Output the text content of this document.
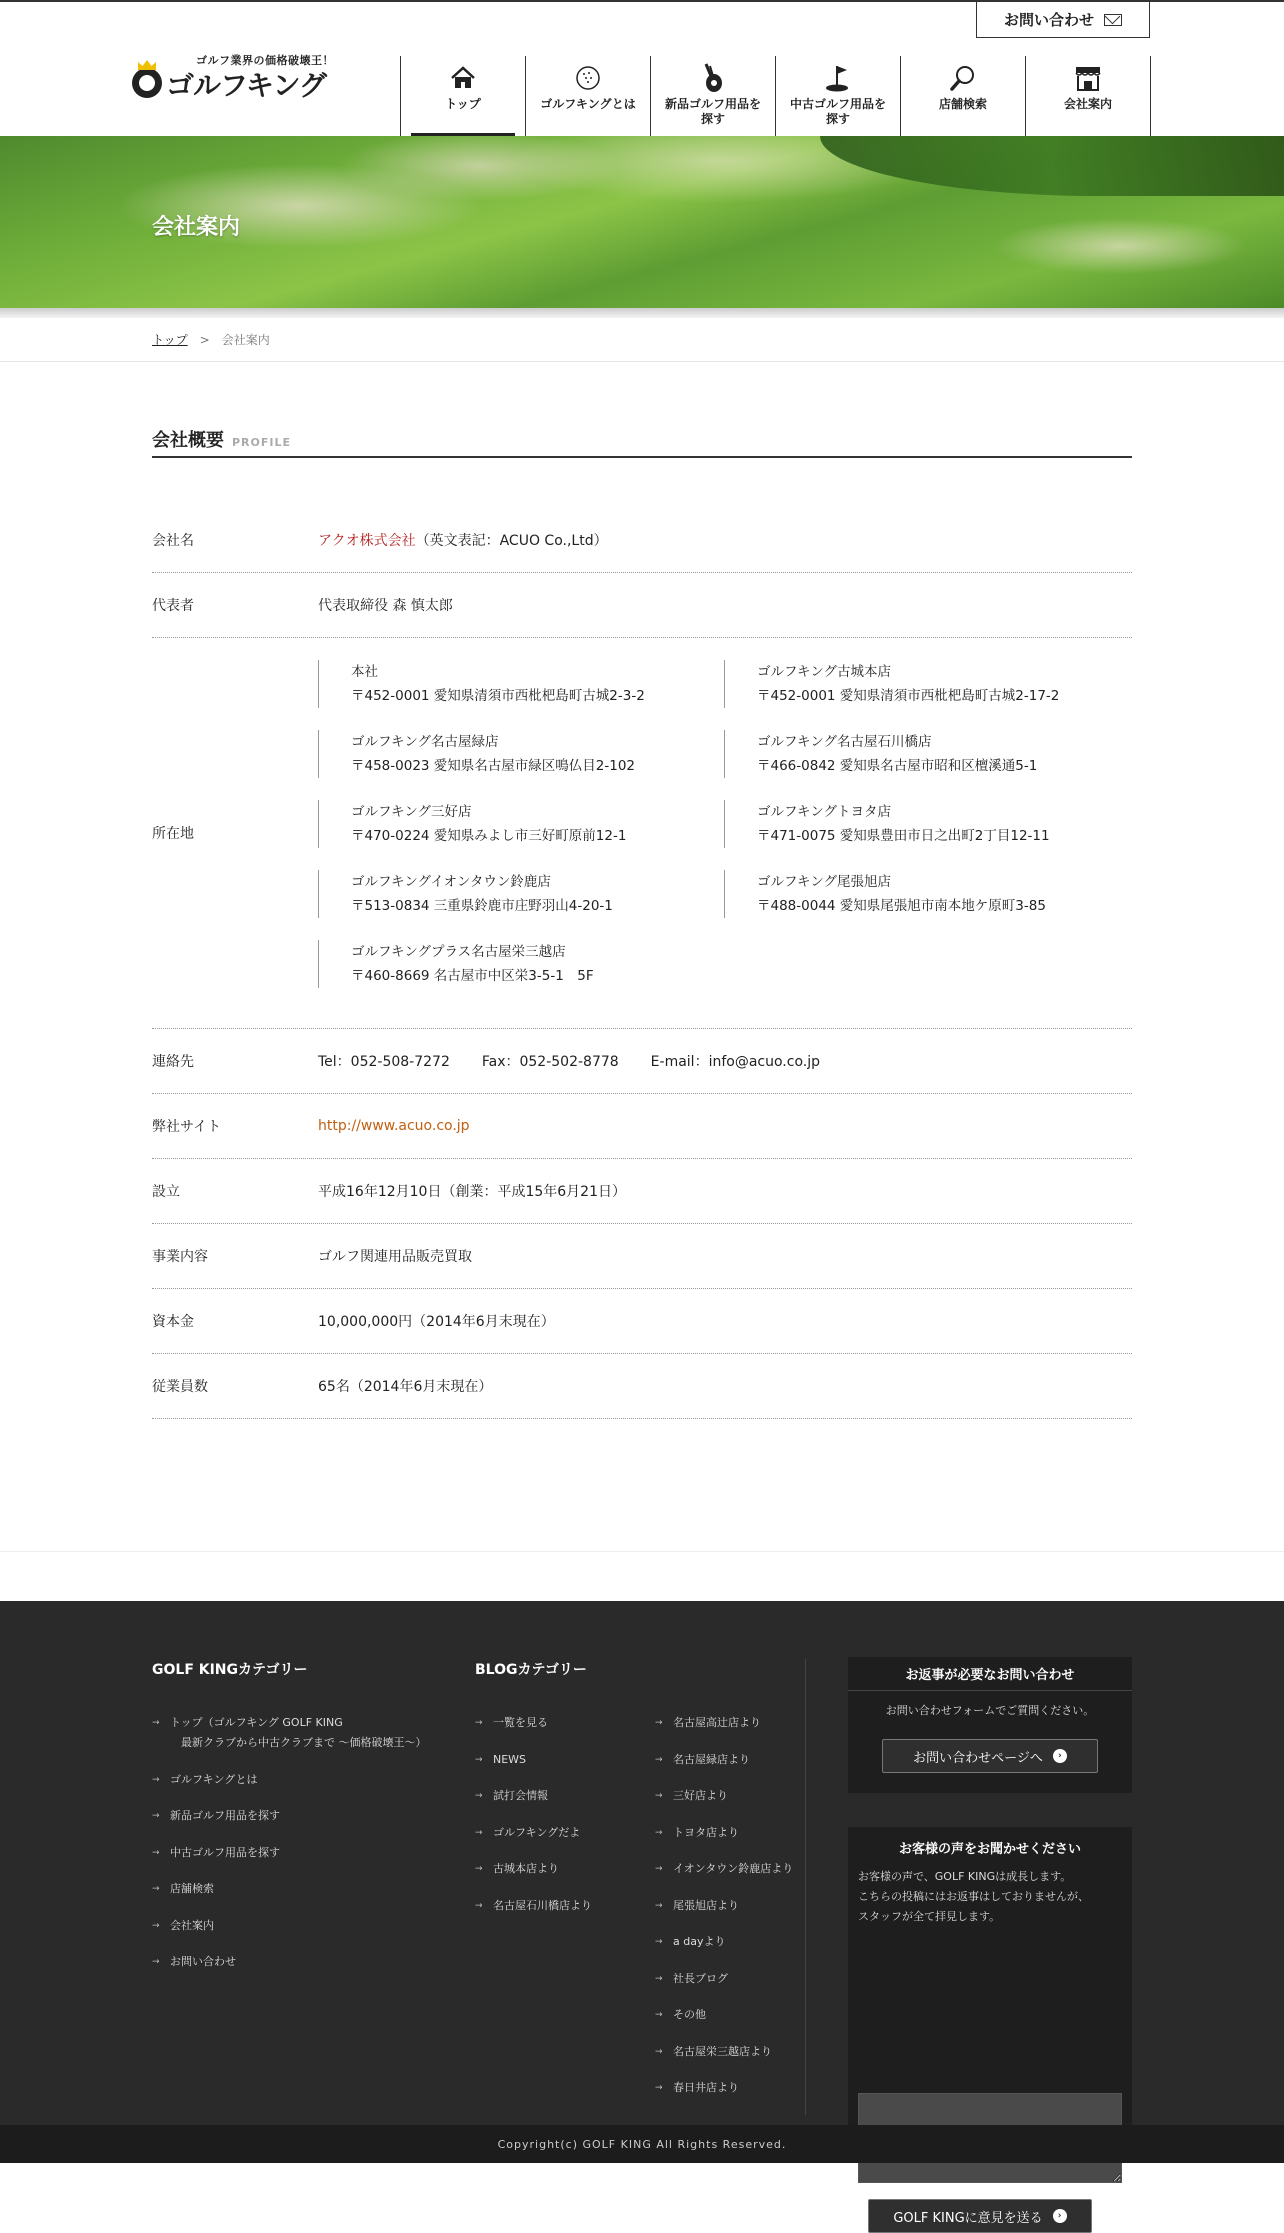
お問い合わせ
ゴルフ業界の価格破壊王！
ゴルフキング
トップ	ゴルフキングとは 新品ゴルフ用品を
探す
中古ゴルフ用品を
探す
店舗検索	会社案内
会社案内
トップ > 会社案内
会社概要 PROFILE
会社名	アクオ株式会社（英文表記：ACUO Co.,Ltd）
代表者	代表取締役 森 慎太郎
所在地
本社
〒452-0001 愛知県清須市西枇杷島町古城2-3-2
ゴルフキング古城本店
〒452-0001 愛知県清須市西枇杷島町古城2-17-2
ゴルフキング名古屋緑店
〒458-0023 愛知県名古屋市緑区鳴仏目2-102
ゴルフキング名古屋石川橋店
〒466-0842 愛知県名古屋市昭和区檀溪通5-1
ゴルフキング三好店
〒470-0224 愛知県みよし市三好町原前12-1
ゴルフキングトヨタ店
〒471-0075 愛知県豊田市日之出町2丁目12-11
ゴルフキングイオンタウン鈴鹿店
〒513-0834 三重県鈴鹿市庄野羽山4-20-1
ゴルフキング尾張旭店
〒488-0044 愛知県尾張旭市南本地ケ原町3-85
ゴルフキングプラス名古屋栄三越店
〒460-8669 名古屋市中区栄3-5-1　5F
連絡先	Tel：052-508-7272 Fax：052-502-8778 E‐mail：info@acuo.co.jp
弊社サイト	http://www.acuo.co.jp
設立	平成16年12月10日（創業：平成15年6月21日）
事業内容	ゴルフ関連用品販売買取
資本金	10,000,000円（2014年6月末現在）
従業員数	65名（2014年6月末現在）
GOLF KINGカテゴリー
→ トップ（ゴルフキング GOLF KING
　最新クラブから中古クラブまで 〜価格破壊王〜）
→ ゴルフキングとは
→ 新品ゴルフ用品を探す
→ 中古ゴルフ用品を探す
→ 店舗検索
→ 会社案内
→ お問い合わせ
BLOGカテゴリー
→ 一覧を見る
→ NEWS
→ 試打会情報
→ ゴルフキングだよ
→ 古城本店より
→ 名古屋石川橋店より
→ 名古屋高辻店より
→ 名古屋緑店より
→ 三好店より
→ トヨタ店より
→ イオンタウン鈴鹿店より
→ 尾張旭店より
→ a dayより
→ 社長ブログ
→ その他
→ 名古屋栄三越店より
→ 春日井店より
お返事が必要なお問い合わせ
お問い合わせフォームでご質問ください。
お問い合わせページへ	›
お客様の声をお聞かせください
お客様の声で、GOLF KINGは成長します。
こちらの投稿にはお返事はしておりませんが、
スタッフが全て拝見します。
GOLF KINGに意見を送る	›
Copyright(c) GOLF KING All Rights Reserved.
